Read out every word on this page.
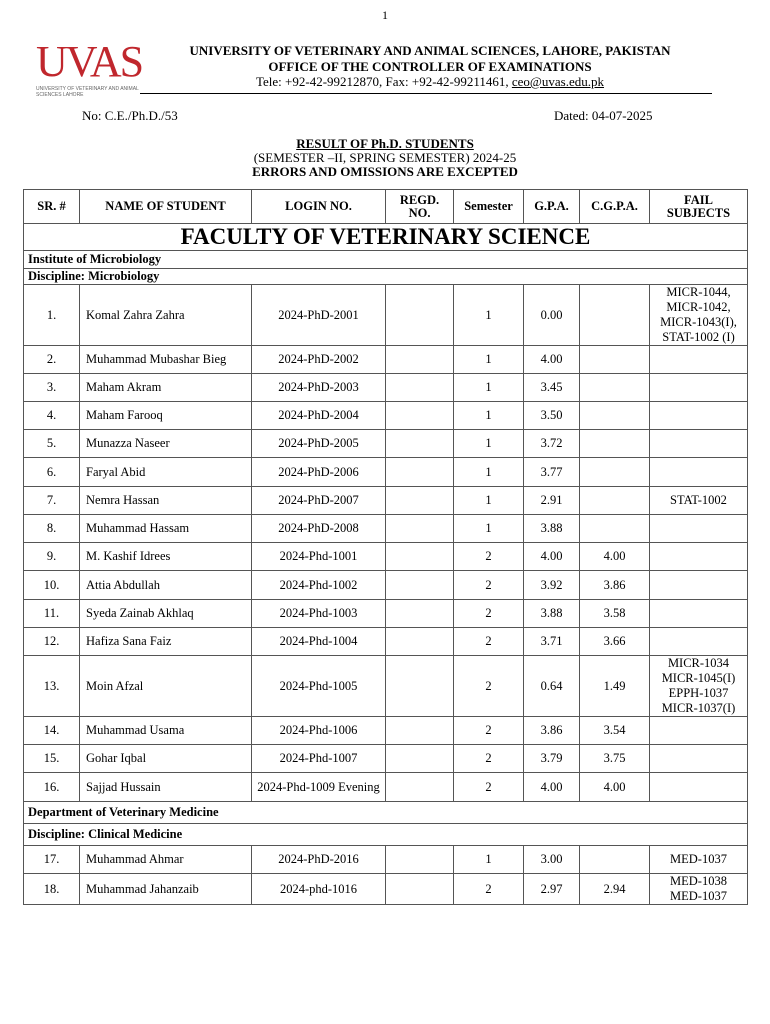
1
UVAS
UNIVERSITY OF VETERINARY AND ANIMAL SCIENCES LAHORE
UNIVERSITY OF VETERINARY AND ANIMAL SCIENCES, LAHORE, PAKISTAN
OFFICE OF THE CONTROLLER OF EXAMINATIONS
Tele: +92-42-99212870, Fax: +92-42-99211461, ceo@uvas.edu.pk
No: C.E./Ph.D./53	Dated: 04-07-2025
RESULT OF Ph.D. STUDENTS
(SEMESTER –II, SPRING SEMESTER) 2024-25
ERRORS AND OMISSIONS ARE EXCEPTED
SR. #	NAME OF STUDENT	LOGIN NO.	REGD. NO.	Semester	G.P.A.	C.G.P.A.	FAIL SUBJECTS
FACULTY OF VETERINARY SCIENCE							
Institute of Microbiology							
Discipline: Microbiology							
1.	Komal Zahra Zahra	2024-PhD-2001		1	0.00		MICR-1044,
MICR-1042,
MICR-1043(I),
STAT-1002 (I)

2.	Muhammad Mubashar Bieg	2024-PhD-2002		1	4.00		
3.	Maham Akram	2024-PhD-2003		1	3.45		
4.	Maham Farooq	2024-PhD-2004		1	3.50		
5.	Munazza Naseer	2024-PhD-2005		1	3.72		
6.	Faryal Abid	2024-PhD-2006		1	3.77		
7.	Nemra Hassan	2024-PhD-2007		1	2.91		STAT-1002

8.	Muhammad Hassam	2024-PhD-2008		1	3.88		
9.	M. Kashif Idrees	2024-Phd-1001		2	4.00	4.00	
10.	Attia Abdullah	2024-Phd-1002		2	3.92	3.86	
11.	Syeda Zainab Akhlaq	2024-Phd-1003		2	3.88	3.58	
12.	Hafiza Sana Faiz	2024-Phd-1004		2	3.71	3.66	
13.	Moin Afzal	2024-Phd-1005		2	0.64	1.49	MICR-1034
MICR-1045(I)
EPPH-1037
MICR-1037(I)

14.	Muhammad Usama	2024-Phd-1006		2	3.86	3.54	
15.	Gohar Iqbal	2024-Phd-1007		2	3.79	3.75	
16.	Sajjad Hussain	2024-Phd-1009 Evening		2	4.00	4.00	
Department of Veterinary Medicine							
Discipline: Clinical Medicine							
17.	Muhammad Ahmar	2024-PhD-2016		1	3.00		MED-1037

18.	Muhammad Jahanzaib	2024-phd-1016		2	2.97	2.94	MED-1038
MED-1037
